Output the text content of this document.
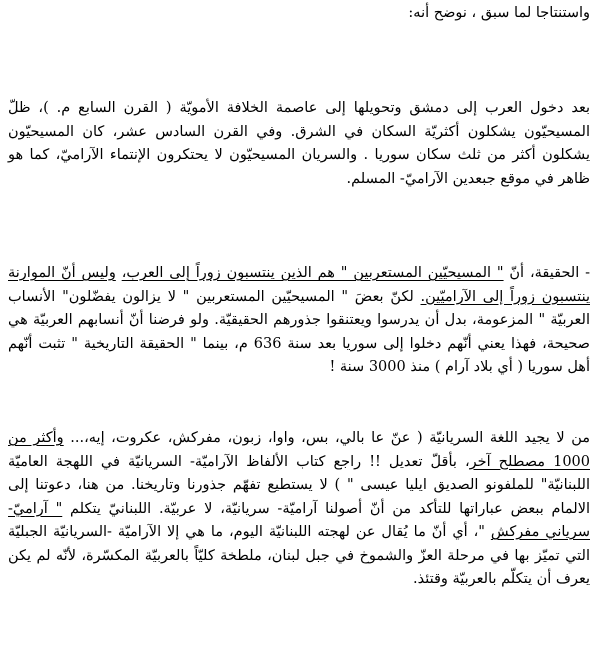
واستنتاجا لما سبق ، نوضح أنه:

بعد دخول العرب إلى دمشق وتحويلها إلى عاصمة الخلافة الأمويّة ( القرن السابع م. )، ظلّ المسيحيّون يشكلون أكثريّة السكان في الشرق. وفي القرن السادس عشر، كان المسيحيّون يشكلون أكثر من ثلث سكان سوريا . والسريان المسيحيّون لا يحتكرون الإنتماء الآراميّ، كما هو ظاهر في موقع جبعدين الآراميّ- المسلم.

- الحقيقة، أنّ " المسيحيّين المستعربين " هم الذين ينتسبون زوراً إلى العرب، وليس أنّ الموارنة ينتسبون زوراً إلى الآراميّين. لكنّ بعضَ " المسيحيّين المستعربين " لا يزالون يفضّلون" الأنساب العربيّة " المزعومة، بدل أن يدرسوا ويعتنقوا جذورهم الحقيقيّة. ولو فرضنا أنّ أنسابهم العربيّة هي صحيحة، فهذا يعني أنّهم دخلوا إلى سوريا بعد سنة 636 م، بينما " الحقيقة التاريخية " تثبت أنّهم أهل سوريا ( أي بلاد آرام ) منذ 3000 سنة !

من لا يجيد اللغة السريانيّة ( عنّ عا بالي، بس، واوا، زبون، مفركش، عكروت، إيه،... وأكثر من 1000 مصطلح آخر، بأقلّ تعديل !! راجع كتاب الألفاظ الآراميّة- السريانيّة في اللهجة العاميّة اللبنانيّة" للملفونو الصديق ايليا عيسى " ) لا يستطيع تفهّم جذورنا وتاريخنا. من هنا، دعوتنا إلى الالمام ببعض عباراتها للتأكد من أنّ أصولنا آراميّة- سريانيّة، لا عربيّة. اللبنانيّ يتكلم " آراميّ- سرياني مفركش "، أي أنّ ما يُقال عن لهجته اللبنانيّة اليوم، ما هي إلا الآراميّة -السريانيّة الجبليّة التي تميّز بها في مرحلة العزّ والشموخ في جبل لبنان، ملطخة كليّاً بالعربيّة المكسّرة، لأنّه لم يكن يعرف أن يتكلّم بالعربيّة وقتئذ.
